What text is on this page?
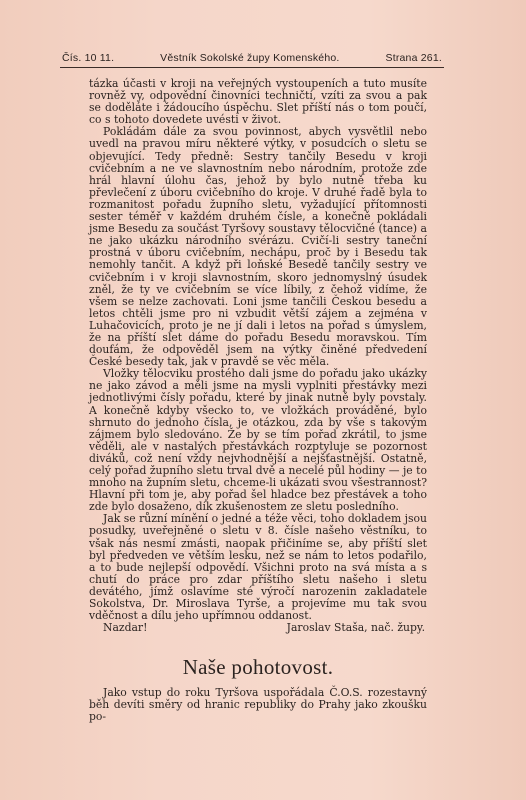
Čís. 10 11.	Věstník Sokolské župy Komenského.	Strana 261.

tázka účasti v kroji na veřejných vystoupeních a tuto musíte rovněž vy, odpovědní činovníci techničtí, vzíti za svou a pak se doděláte i žádoucího úspěchu. Slet příští nás o tom poučí, co s tohoto dovedete uvésti v život.

Pokládám dále za svou povinnost, abych vysvětlil nebo uvedl na pravou míru některé výtky, v posudcích o sletu se objevující. Tedy předně: Sestry tančily Besedu v kroji cvičebním a ne ve slavnostním nebo národním, protože zde hrál hlavní úlohu čas, jehož by bylo nutně třeba ku převlečení z úboru cvičebního do kroje. V druhé řadě byla to rozmanitost pořadu župního sletu, vyžadující přítomnosti sester téměř v každém druhém čísle, a konečně pokládali jsme Besedu za součást Tyršovy soustavy tělocvičné (tance) a ne jako ukázku národního svérázu. Cvičí-li sestry taneční prostná v úboru cvičebním, nechápu, proč by i Besedu tak nemohly tančit. A když při loňské Besedě tančily sestry ve cvičebním i v kroji slavnostním, skoro jednomyslný úsudek zněl, že ty ve cvičebním se více líbily, z čehož vidíme, že všem se nelze zachovati. Loni jsme tančili Českou besedu a letos chtěli jsme pro ni vzbudit větší zájem a zejména v Luhačovicích, proto je ne jí dali i letos na pořad s úmyslem, že na příští slet dáme do pořadu Besedu moravskou. Tím doufám, že odpověděl jsem na výtky činěné předvedení České besedy tak, jak v pravdě se věc měla.

Vložky tělocviku prostého dali jsme do pořadu jako ukázky ne jako závod a měli jsme na mysli vyplniti přestávky mezi jednotlivými čísly pořadu, které by jinak nutně byly povstaly. A konečně kdyby všecko to, ve vložkách prováděné, bylo shrnuto do jednoho čísla, je otázkou, zda by vše s takovým zájmem bylo sledováno. Že by se tím pořad zkrátil, to jsme věděli, ale v nastalých přestávkách rozptyluje se pozornost diváků, což není vždy nejvhodnější a nejšťastnější. Ostatně, celý pořad župního sletu trval dvě a necelé půl hodiny — je to mnoho na župním sletu, chceme-li ukázati svou všestrannost? Hlavní při tom je, aby pořad šel hladce bez přestávek a toho zde bylo dosaženo, dík zkušenostem ze sletu posledního.

Jak se různí mínění o jedné a téže věci, toho dokladem jsou posudky, uveřejněné o sletu v 8. čísle našeho věstníku, to však nás nesmí zmásti, naopak přičiníme se, aby příští slet byl předveden ve větším lesku, než se nám to letos podařilo, a to bude nejlepší odpovědí. Všichni proto na svá místa a s chutí do práce pro zdar příštího sletu našeho i sletu devátého, jímž oslavíme sté výročí narozenin zakladatele Sokolstva, Dr. Miroslava Tyrše, a projevíme mu tak svou vděčnost a dílu jeho upřímnou oddanost.

Nazdar!	Jaroslav Staša, nač. župy.
Naše pohotovost.

Jako vstup do roku Tyršova uspořádala Č.O.S. rozestavný běh devíti směry od hranic republiky do Prahy jako zkoušku po-
